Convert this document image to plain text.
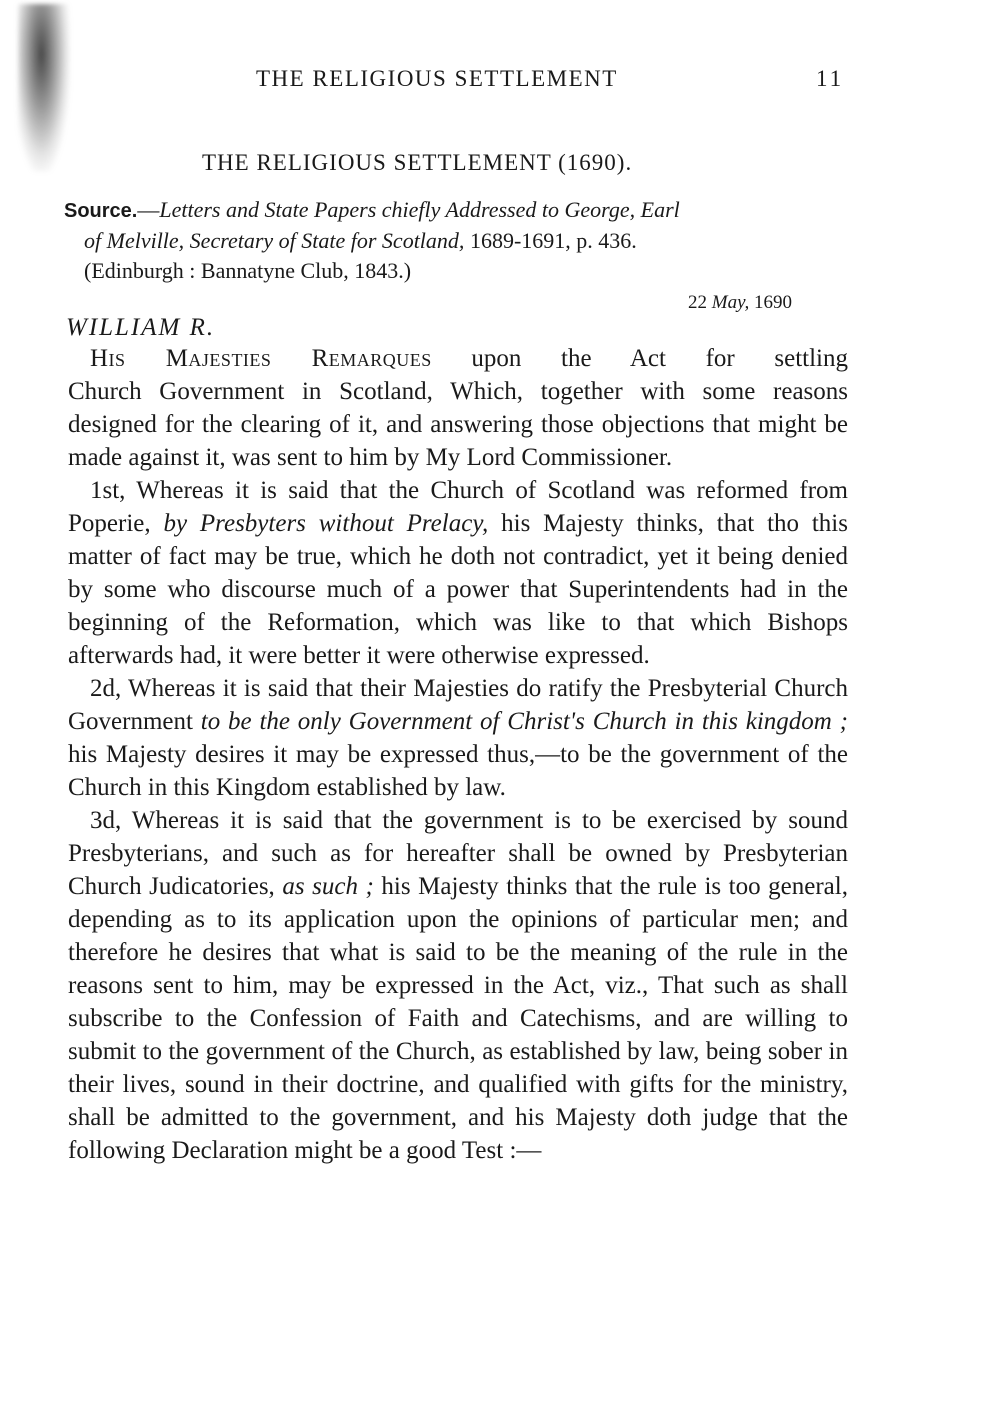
THE RELIGIOUS SETTLEMENT	11
THE RELIGIOUS SETTLEMENT (1690).
Source.—Letters and State Papers chiefly Addressed to George, Earl
of Melville, Secretary of State for Scotland, 1689-1691, p. 436.
(Edinburgh : Bannatyne Club, 1843.)
22 May, 1690
WILLIAM R.

His Majesties Remarques upon the Act for settling

Church Government in Scotland, Which, together with some reasons designed for the clearing of it, and answering those objections that might be made against it, was sent to him by My Lord Commissioner.

1st, Whereas it is said that the Church of Scotland was reformed from Poperie, by Presbyters without Prelacy, his Majesty thinks, that tho this matter of fact may be true, which he doth not contradict, yet it being denied by some who discourse much of a power that Superintendents had in the beginning of the Reformation, which was like to that which Bishops afterwards had, it were better it were otherwise expressed.

2d, Whereas it is said that their Majesties do ratify the Presbyterial Church Government to be the only Government of Christ's Church in this kingdom ; his Majesty desires it may be expressed thus,—to be the government of the Church in this Kingdom established by law.

3d, Whereas it is said that the government is to be exercised by sound Presbyterians, and such as for hereafter shall be owned by Presbyterian Church Judicatories, as such ; his Majesty thinks that the rule is too general, depending as to its application upon the opinions of particular men; and therefore he desires that what is said to be the meaning of the rule in the reasons sent to him, may be expressed in the Act, viz., That such as shall subscribe to the Confession of Faith and Catechisms, and are willing to submit to the government of the Church, as established by law, being sober in their lives, sound in their doctrine, and qualified with gifts for the ministry, shall be admitted to the government, and his Majesty doth judge that the following Declaration might be a good Test :—
